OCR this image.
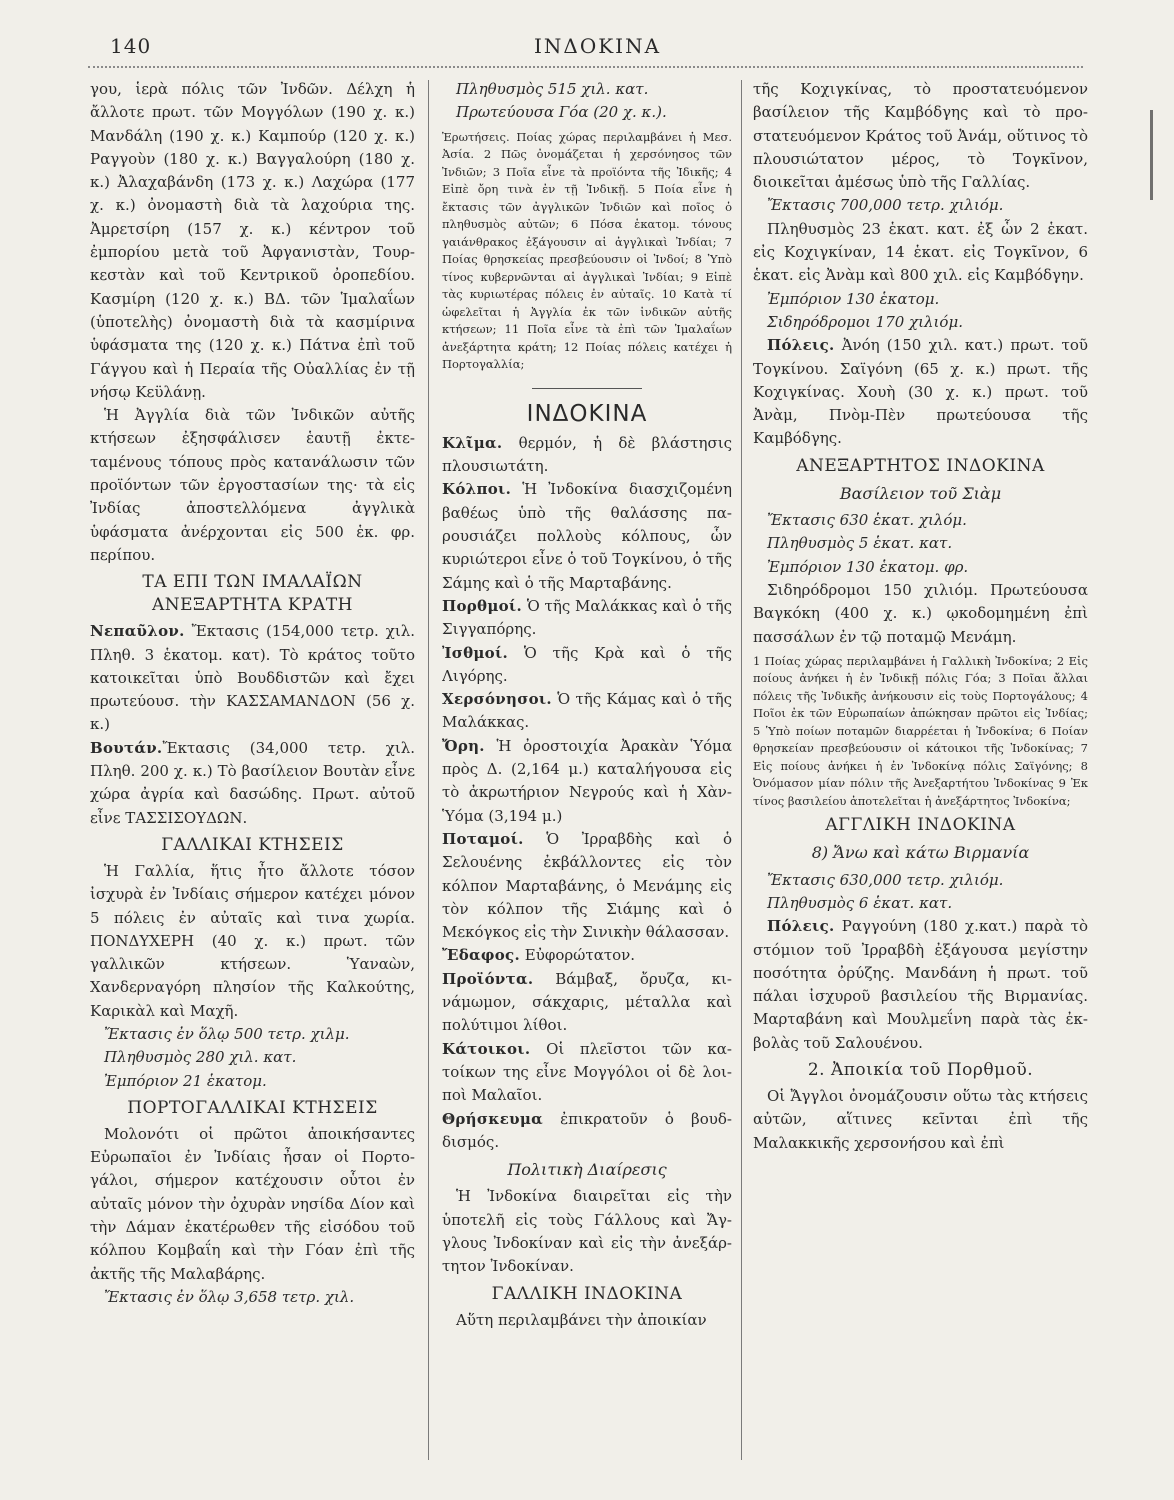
140	ΙΝΔΟΚΙΝΑ

γου, ἱερὰ πόλις τῶν Ἰνδῶν. Δέλχη ἡ ἄλλοτε πρωτ. τῶν Μογγόλων (190 χ. κ.) Μανδάλη (190 χ. κ.) Καμπούρ (120 χ. κ.) Ραγγοὺν (180 χ. κ.) Βαγγαλούρη (180 χ. κ.) Ἀλαχαβάνδη (173 χ. κ.) Λαχώρα (177 χ. κ.) ὀνομαστὴ διὰ τὰ λαχούρια της. Ἀμρετσίρη (157 χ. κ.) κέντρον τοῦ ἐμπορίου μετὰ τοῦ Ἀφγανιστὰν, Τουρκεστὰν καὶ τοῦ Κεντρικοῦ ὀροπεδίου. Κασμίρη (120 χ. κ.) ΒΔ. τῶν Ἱμαλαΐων (ὑποτελὴς) ὀνομαστὴ διὰ τὰ κασμίρινα ὑφάσματα της (120 χ. κ.) Πάτνα ἐπὶ τοῦ Γάγγου καὶ ἡ Περαία τῆς Οὐαλλίας ἐν τῇ νήσῳ Κεϋλάνῃ.

Ἡ Ἀγγλία διὰ τῶν Ἰνδικῶν αὐτῆς κτήσεων ἐξησφάλισεν ἑαυτῇ ἐκτεταμένους τόπους πρὸς κατανάλωσιν τῶν προϊόντων τῶν ἐργοστασίων της· τὰ εἰς Ἰνδίας ἀποστελλόμενα ἀγγλικὰ ὑφάσματα ἀνέρχονται εἰς 500 ἑκ. φρ. περίπου.

ΤΑ ΕΠΙ ΤΩΝ ΙΜΑΛΑΪΩΝ
ΑΝΕΞΑΡΤΗΤΑ ΚΡΑΤΗ

Νεπαῦλον. Ἔκτασις (154,000 τετρ. χιλ. Πληθ. 3 ἑκατομ. κατ). Τὸ κράτος τοῦτο κατοικεῖται ὑπὸ Βουδδιστῶν καὶ ἔχει πρωτεύουσ. τὴν ΚΑΣΣΑΜΑΝΔΟΝ (56 χ. κ.)

Βουτάν.Ἔκτασις (34,000 τετρ. χιλ. Πληθ. 200 χ. κ.) Τὸ βασίλειον Βουτὰν εἶνε χώρα ἀγρία καὶ δασώδης. Πρωτ. αὐτοῦ εἶνε ΤΑΣΣΙΣΟΥΔΩΝ.

ΓΑΛΛΙΚΑΙ ΚΤΗΣΕΙΣ

Ἡ Γαλλία, ἥτις ἦτο ἄλλοτε τόσον ἰσχυρὰ ἐν Ἰνδίαις σήμερον κατέχει μόνον 5 πόλεις ἐν αὐταῖς καὶ τινα χωρία. ΠΟΝΔΥΧΕΡΗ (40 χ. κ.) πρωτ. τῶν γαλλικῶν κτήσεων. Ὑαναὼν, Χανδερναγόρη πλησίον τῆς Καλκούτης, Καρικὰλ καὶ Μαχῆ.

Ἔκτασις ἐν ὅλῳ 500 τετρ. χιλμ.

Πληθυσμὸς 280 χιλ. κατ.

Ἐμπόριον 21 ἑκατομ.

ΠΟΡΤΟΓΑΛΛΙΚΑΙ ΚΤΗΣΕΙΣ

Μολονότι οἱ πρῶτοι ἀποικήσαντες Εὐρωπαῖοι ἐν Ἰνδίαις ἦσαν οἱ Πορτογάλοι, σήμερον κατέχουσιν οὗτοι ἐν αὐταῖς μόνον τὴν ὀχυρὰν νησίδα Δίον καὶ τὴν Δάμαν ἑκατέρωθεν τῆς εἰσόδου τοῦ κόλπου Κομβαΐη καὶ τὴν Γόαν ἐπὶ τῆς ἀκτῆς τῆς Μαλαβάρης.

Ἔκτασις ἐν ὅλῳ 3,658 τετρ. χιλ.

Πληθυσμὸς 515 χιλ. κατ.

Πρωτεύουσα Γόα (20 χ. κ.).

Ἐρωτήσεις. Ποίας χώρας περιλαμβάνει ἡ Μεσ. Ἀσία. 2 Πῶς ὀνομάζεται ἡ χερσόνησος τῶν Ἰνδιῶν; 3 Ποῖα εἶνε τὰ προϊόντα τῆς Ἰδικῆς; 4 Εἰπὲ ὄρη τινὰ ἐν τῇ Ἰνδικῇ. 5 Ποία εἶνε ἡ ἔκτασις τῶν ἀγγλικῶν Ἰνδιῶν καὶ ποῖος ὁ πληθυσμὸς αὐτῶν; 6 Πόσα ἑκατομ. τόνους γαιάνθρακος ἐξάγουσιν αἱ ἀγγλικαὶ Ἰνδίαι; 7 Ποίας θρησκείας πρεσβεύουσιν οἱ Ἰνδοί; 8 Ὑπὸ τίνος κυβερνῶνται αἱ ἀγγλικαὶ Ἰνδίαι; 9 Εἰπὲ τὰς κυριωτέρας πόλεις ἐν αὐταῖς. 10 Κατὰ τί ὠφελεῖται ἡ Ἀγγλία ἐκ τῶν ἰνδικῶν αὐτῆς κτήσεων; 11 Ποῖα εἶνε τὰ ἐπὶ τῶν Ἱμαλαΐων ἀνεξάρτητα κράτη; 12 Ποίας πόλεις κατέχει ἡ Πορτογαλλία;

ΙΝΔΟΚΙΝΑ

Κλῖμα. θερμόν, ἡ δὲ βλάστησις πλουσιωτάτη.

Κόλποι. Ἡ Ἰνδοκίνα διασχιζομένη βαθέως ὑπὸ τῆς θαλάσσης παρουσιάζει πολλοὺς κόλπους, ὧν κυριώτεροι εἶνε ὁ τοῦ Τογκίνου, ὁ τῆς Σάμης καὶ ὁ τῆς Μαρταβάνης.

Πορθμοί. Ὁ τῆς Μαλάκκας καὶ ὁ τῆς Σιγγαπόρης.

Ἰσθμοί. Ὁ τῆς Κρὰ καὶ ὁ τῆς Λιγόρης.

Χερσόνησοι. Ὁ τῆς Κάμας καὶ ὁ τῆς Μαλάκκας.

Ὄρη. Ἡ ὀροστοιχία Ἀρακὰν Ὑόμα πρὸς Δ. (2,164 μ.) καταλήγουσα εἰς τὸ ἀκρωτήριον Νεγρούς καὶ ἡ Χὰν-Ὑόμα (3,194 μ.)

Ποταμοί. Ὁ Ἰρραβδὴς καὶ ὁ Σελουένης ἐκβάλλοντες εἰς τὸν κόλπον Μαρταβάνης, ὁ Μενάμης εἰς τὸν κόλπον τῆς Σιάμης καὶ ὁ Μεκόγκος εἰς τὴν Σινικὴν θάλασσαν.

Ἔδαφος. Εὐφορώτατον.

Προϊόντα. Βάμβαξ, ὄρυζα, κινάμωμον, σάκχαρις, μέταλλα καὶ πολύτιμοι λίθοι.

Κάτοικοι. Οἱ πλεῖστοι τῶν κατοίκων της εἶνε Μογγόλοι οἱ δὲ λοιποὶ Μαλαῖοι.

Θρήσκευμα ἐπικρατοῦν ὁ βουδδισμός.

Πολιτικὴ Διαίρεσις

Ἡ Ἰνδοκίνα διαιρεῖται εἰς τὴν ὑποτελῆ εἰς τοὺς Γάλλους καὶ Ἄγγλους Ἰνδοκίναν καὶ εἰς τὴν ἀνεξάρτητον Ἰνδοκίναν.

ΓΑΛΛΙΚΗ ΙΝΔΟΚΙΝΑ

Αὕτη περιλαμβάνει τὴν ἀποικίαν

τῆς Κοχιγκίνας, τὸ προστατευόμενον βασίλειον τῆς Καμβόδγης καὶ τὸ προστατευόμενον Κράτος τοῦ Ἀνάμ, οὕτινος τὸ πλουσιώτατον μέρος, τὸ Τογκῖνον, διοικεῖται ἀμέσως ὑπὸ τῆς Γαλλίας.

Ἔκτασις 700,000 τετρ. χιλιόμ.

Πληθυσμὸς 23 ἑκατ. κατ. ἐξ ὧν 2 ἑκατ. εἰς Κοχιγκίναν, 14 ἑκατ. εἰς Τογκῖνον, 6 ἑκατ. εἰς Ἀνὰμ καὶ 800 χιλ. εἰς Καμβόδγην.

Ἐμπόριον 130 ἑκατομ.

Σιδηρόδρομοι 170 χιλιόμ.

Πόλεις. Ἀνόη (150 χιλ. κατ.) πρωτ. τοῦ Τογκίνου. Σαϊγόνη (65 χ. κ.) πρωτ. τῆς Κοχιγκίνας. Χουὴ (30 χ. κ.) πρωτ. τοῦ Ἀνὰμ, Πνὸμ-Πὲν πρωτεύουσα τῆς Καμβόδγης.

ΑΝΕΞΑΡΤΗΤΟΣ ΙΝΔΟΚΙΝΑ
Βασίλειον τοῦ Σιὰμ

Ἔκτασις 630 ἑκατ. χιλόμ.

Πληθυσμὸς 5 ἑκατ. κατ.

Ἐμπόριον 130 ἑκατομ. φρ.

Σιδηρόδρομοι 150 χιλιόμ. Πρωτεύουσα Βαγκόκη (400 χ. κ.) ῳκοδομημένη ἐπὶ πασσάλων ἐν τῷ ποταμῷ Μενάμη.

1 Ποίας χώρας περιλαμβάνει ἡ Γαλλικὴ Ἰνδοκίνα; 2 Εἰς ποίους ἀνήκει ἡ ἐν Ἰνδικῇ πόλις Γόα; 3 Ποῖαι ἄλλαι πόλεις τῆς Ἰνδικῆς ἀνήκουσιν εἰς τοὺς Πορτογάλους; 4 Ποῖοι ἐκ τῶν Εὐρωπαίων ἀπώκησαν πρῶτοι εἰς Ἰνδίας; 5 Ὑπὸ ποίων ποταμῶν διαρρέεται ἡ Ἰνδοκίνα; 6 Ποίαν θρησκείαν πρεσβεύουσιν οἱ κάτοικοι τῆς Ἰνδοκίνας; 7 Εἰς ποίους ἀνήκει ἡ ἐν Ἰνδοκίνᾳ πόλις Σαϊγόνης; 8 Ὀνόμασον μίαν πόλιν τῆς Ἀνεξαρτήτου Ἰνδοκίνας 9 Ἐκ τίνος βασιλείου ἀποτελεῖται ἡ ἀνεξάρτητος Ἰνδοκίνα;

ΑΓΓΛΙΚΗ ΙΝΔΟΚΙΝΑ
8) Ἄνω καὶ κάτω Βιρμανία

Ἔκτασις 630,000 τετρ. χιλιόμ.

Πληθυσμὸς 6 ἑκατ. κατ.

Πόλεις. Ραγγούνη (180 χ.κατ.) παρὰ τὸ στόμιον τοῦ Ἰρραβδὴ ἐξάγουσα μεγίστην ποσότητα ὀρύζης. Μανδάνη ἡ πρωτ. τοῦ πάλαι ἰσχυροῦ βασιλείου τῆς Βιρμανίας. Μαρταβάνη καὶ Μουλμεΐνη παρὰ τὰς ἐκβολὰς τοῦ Σαλουένου.

2. Ἀποικία τοῦ Πορθμοῦ.

Οἱ Ἄγγλοι ὀνομάζουσιν οὕτω τὰς κτήσεις αὐτῶν, αἵτινες κεῖνται ἐπὶ τῆς Μαλακκικῆς χερσονήσου καὶ ἐπὶ
